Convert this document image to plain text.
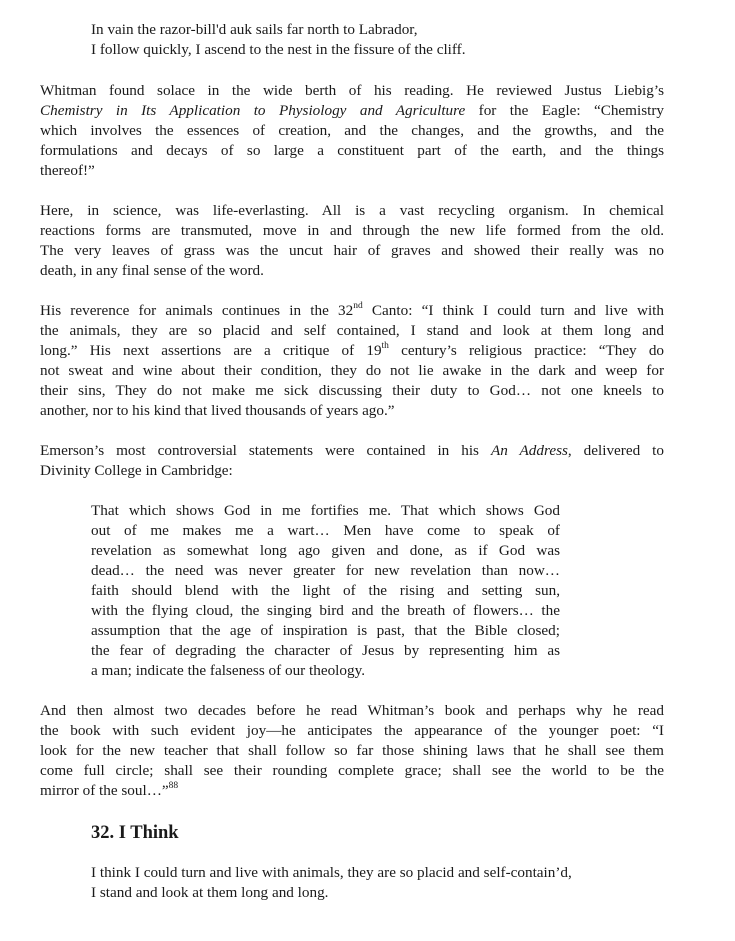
In vain the razor-bill'd auk sails far north to Labrador,
I follow quickly, I ascend to the nest in the fissure of the cliff.
Whitman found solace in the wide berth of his reading. He reviewed Justus Liebig’s
Chemistry in Its Application to Physiology and Agriculture for the Eagle: “Chemistry
which involves the essences of creation, and the changes, and the growths, and the
formulations and decays of so large a constituent part of the earth, and the things
thereof!”
Here, in science, was life-everlasting. All is a vast recycling organism. In chemical
reactions forms are transmuted, move in and through the new life formed from the old.
The very leaves of grass was the uncut hair of graves and showed their really was no
death, in any final sense of the word.
His reverence for animals continues in the 32nd Canto: “I think I could turn and live with
the animals, they are so placid and self contained, I stand and look at them long and
long.” His next assertions are a critique of 19th century’s religious practice: “They do
not sweat and wine about their condition, they do not lie awake in the dark and weep for
their sins, They do not make me sick discussing their duty to God… not one kneels to
another, nor to his kind that lived thousands of years ago.”
Emerson’s most controversial statements were contained in his An Address, delivered to
Divinity College in Cambridge:
That which shows God in me fortifies me. That which shows God
out of me makes me a wart… Men have come to speak of
revelation as somewhat long ago given and done, as if God was
dead… the need was never greater for new revelation than now…
faith should blend with the light of the rising and setting sun,
with the flying cloud, the singing bird and the breath of flowers… the
assumption that the age of inspiration is past, that the Bible closed;
the fear of degrading the character of Jesus by representing him as
a man; indicate the falseness of our theology.
And then almost two decades before he read Whitman’s book and perhaps why he read
the book with such evident joy—he anticipates the appearance of the younger poet: “I
look for the new teacher that shall follow so far those shining laws that he shall see them
come full circle; shall see their rounding complete grace; shall see the world to be the
mirror of the soul…”$^{88}$
32. I Think
I think I could turn and live with animals, they are so placid and self-contain’d,
I stand and look at them long and long.
